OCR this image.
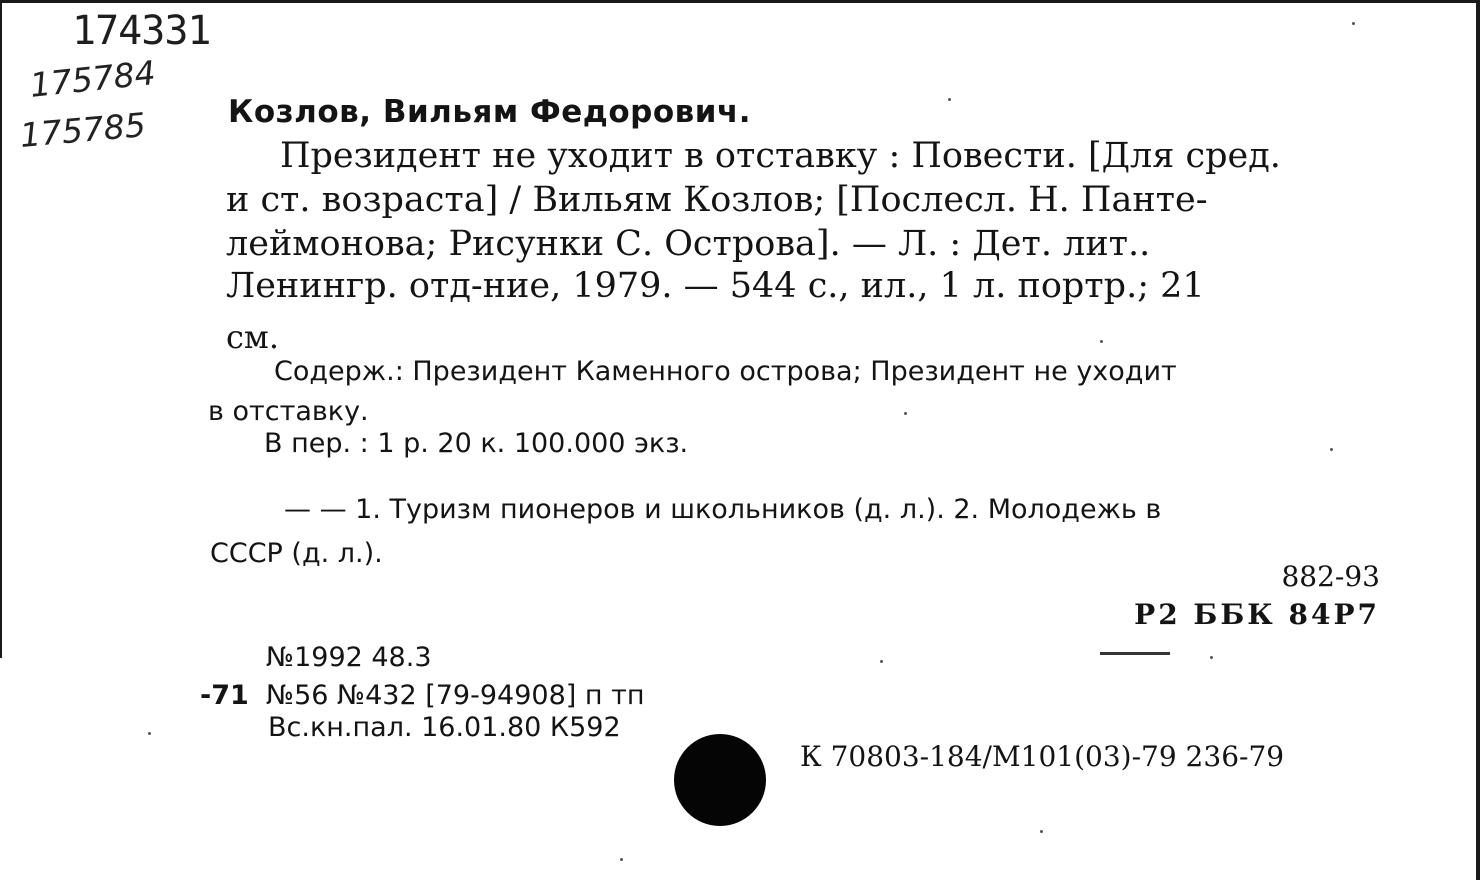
174331
175784
175785	Козлов, Вильям Федорович.
Президент не уходит в отставку : Повести. [Для сред.
и ст. возраста] / Вильям Козлов; [Послесл. Н. Панте-
леймонова; Рисунки С. Острова]. — Л. : Дет. лит..
Ленингр. отд-ние, 1979. — 544 с., ил., 1 л. портр.; 21
см.
Содерж.: Президент Каменного острова; Президент не уходит
в отставку.
В пер. : 1 р. 20 к. 100.000 экз.
— — 1. Туризм пионеров и школьников (д. л.). 2. Молодежь в
СССР (д. л.).
882-93
Р2 ББК 84Р7
№1992 48.3
-71 №56 №432 [79-94908] п тп
Вс.кн.пал. 16.01.80 К592
К 70803-184/М101(03)-79 236-79
